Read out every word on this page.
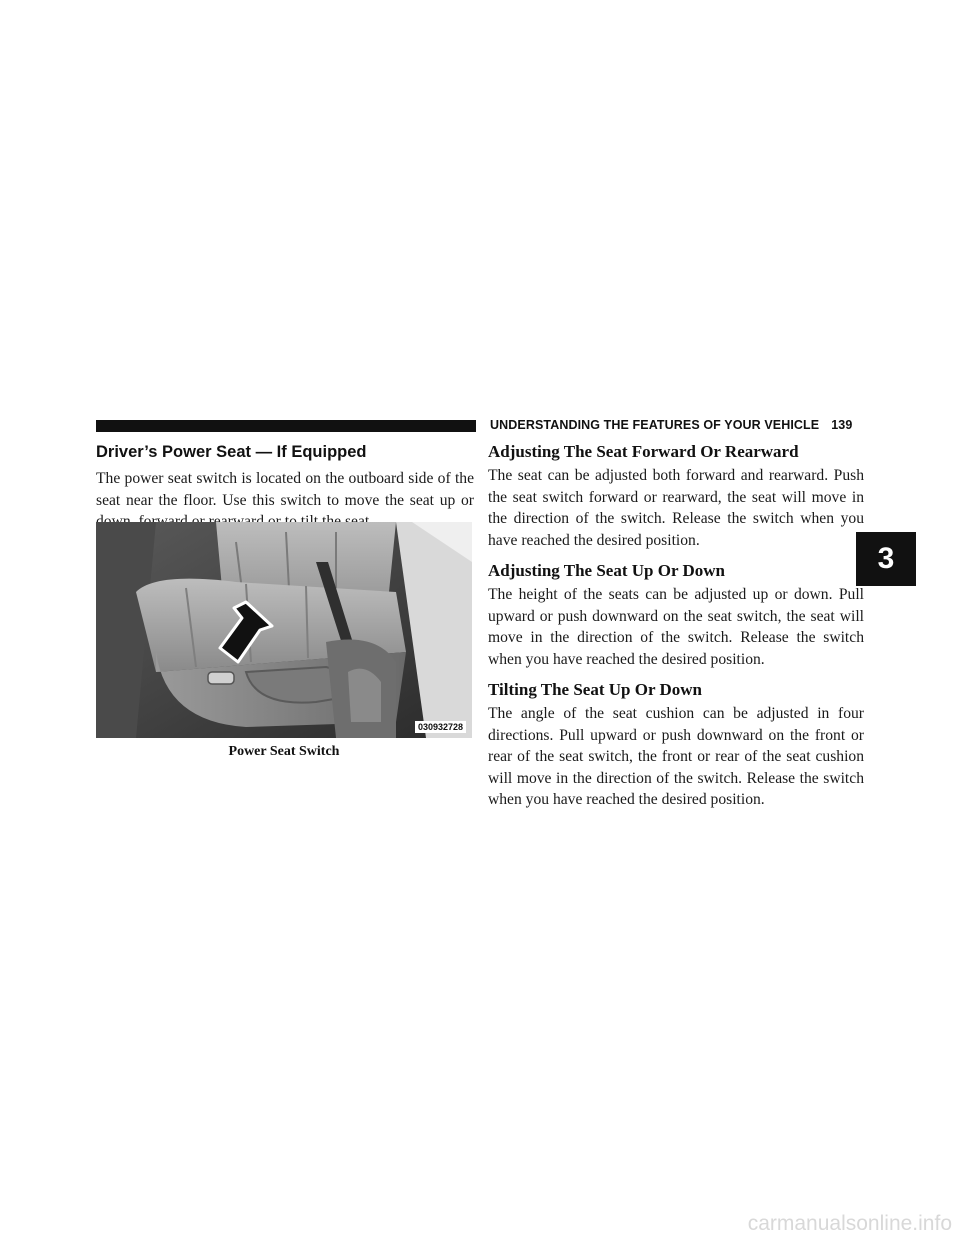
UNDERSTANDING THE FEATURES OF YOUR VEHICLE 139
Driver’s Power Seat — If Equipped

The power seat switch is located on the outboard side of the seat near the floor. Use this switch to move the seat up or

030932728
Power Seat Switch
Adjusting The Seat Forward Or Rearward

The seat can be adjusted both forward and rearward. Push the seat switch forward or rearward, the seat will move in the direction of the switch. Release the switch when you have reached the desired position.

Adjusting The Seat Up Or Down

The height of the seats can be adjusted up or down. Pull upward or push downward on the seat switch, the seat will move in the direction of the switch. Release the switch when you have reached the desired position.

Tilting The Seat Up Or Down

The angle of the seat cushion can be adjusted in four directions. Pull upward or push downward on the front or rear of the seat switch, the front or rear of the seat cushion will move in the direction of the switch. Release the switch when you have reached the desired position.

3
carmanualsonline.info
